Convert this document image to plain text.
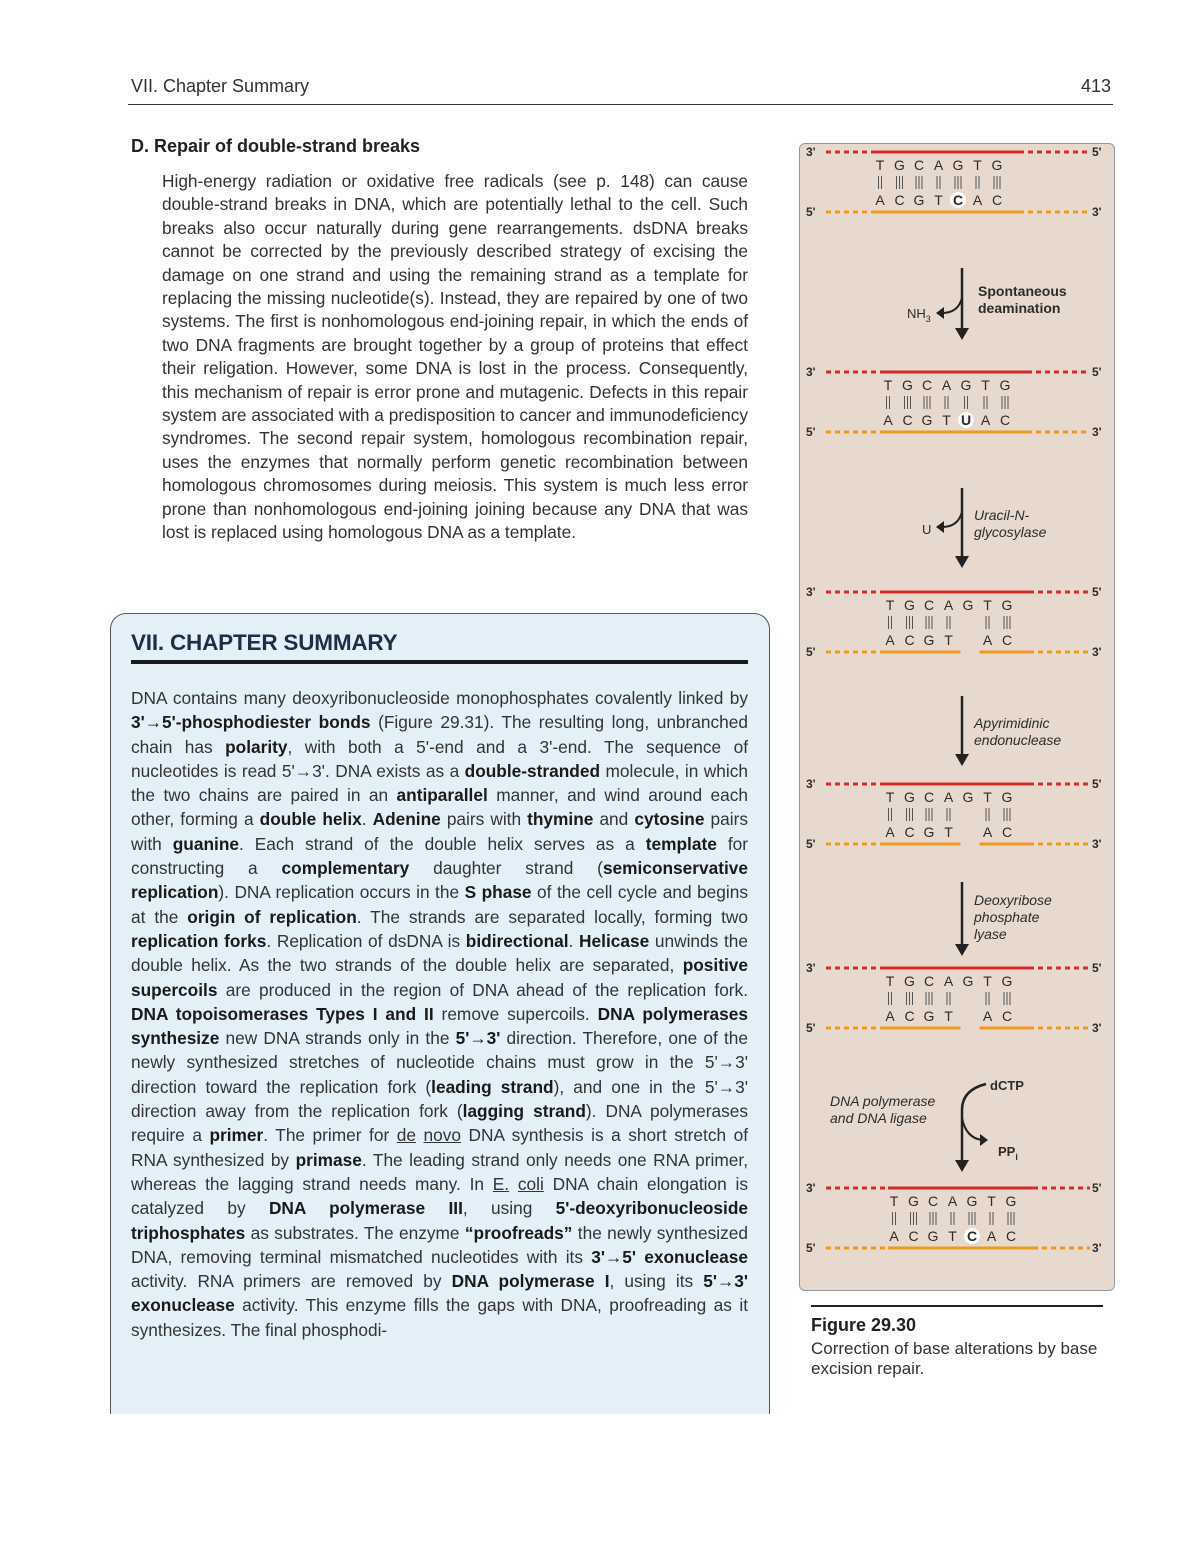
VII. Chapter Summary	413
D. Repair of double-strand breaks

High-energy radiation or oxidative free radicals (see p. 148) can cause double-strand breaks in DNA, which are potentially lethal to the cell. Such breaks also occur naturally during gene rearrangements. dsDNA breaks cannot be corrected by the previously described strategy of excising the damage on one strand and using the remaining strand as a template for replacing the missing nucleotide(s). Instead, they are repaired by one of two systems. The first is nonhomologous end-joining repair, in which the ends of two DNA fragments are brought together by a group of proteins that effect their religation. However, some DNA is lost in the process. Consequently, this mechanism of repair is error prone and mutagenic. Defects in this repair system are associated with a predisposition to cancer and immunodeficiency syndromes. The second repair system, homologous recombination repair, uses the enzymes that normally perform genetic recombination between homologous chromosomes during meiosis. This system is much less error prone than nonhomologous end-joining joining because any DNA that was lost is replaced using homologous DNA as a template.

VII. CHAPTER SUMMARY

DNA contains many deoxyribonucleoside monophosphates covalently linked by 3'→5'-phosphodiester bonds (Figure 29.31). The resulting long, unbranched chain has polarity, with both a 5'-end and a 3'-end. The sequence of nucleotides is read 5'→3'. DNA exists as a double-stranded molecule, in which the two chains are paired in an antiparallel manner, and wind around each other, forming a double helix. Adenine pairs with thymine and cytosine pairs with guanine. Each strand of the double helix serves as a template for constructing a complementary daughter strand (semiconservative replication). DNA replication occurs in the S phase of the cell cycle and begins at the origin of replication. The strands are separated locally, forming two replication forks. Replication of dsDNA is bidirectional. Helicase unwinds the double helix. As the two strands of the double helix are separated, positive supercoils are produced in the region of DNA ahead of the replication fork. DNA topoisomerases Types I and II remove supercoils. DNA polymerases synthesize new DNA strands only in the 5'→3' direction. Therefore, one of the newly synthesized stretches of nucleotide chains must grow in the 5'→3' direction toward the replication fork (leading strand), and one in the 5'→3' direction away from the replication fork (lagging strand). DNA polymerases require a primer. The primer for de novo DNA synthesis is a short stretch of RNA synthesized by primase. The leading strand only needs one RNA primer, whereas the lagging strand needs many. In E. coli DNA chain elongation is catalyzed by DNA polymerase III, using 5'-deoxyribonucleoside triphosphates as substrates. The enzyme “proofreads” the newly synthesized DNA, removing terminal mismatched nucleotides with its 3'→5' exonuclease activity. RNA primers are removed by DNA polymerase I, using its 5'→3' exonuclease activity. This enzyme fills the gaps with DNA, proofreading as it synthesizes. The final phosphodi-

3'	5'
5'	3'
T G C A G T G
A C G T C A C
3'	5'
5'	3'
T G C A G T G
A C G T U A C
3'	5'
5'	3'
T G C A G T G
A C G T A C
3'	5'
5'	3'
T G C A G T G
A C G T A C
3'	5'
5'	3'
T G C A G T G
A C G T A C
3'	5'
5'	3'
T G C A G T G
A C G T C A C
$NH_3$
Spontaneous
deamination
U
Uracil-N-
glycosylase
Apyrimidinic
endonuclease
Deoxyribose
phosphate
lyase
dCTP
$PP_i$
DNA polymerase
and DNA ligase
Figure 29.30

Correction of base alterations by base excision repair.
